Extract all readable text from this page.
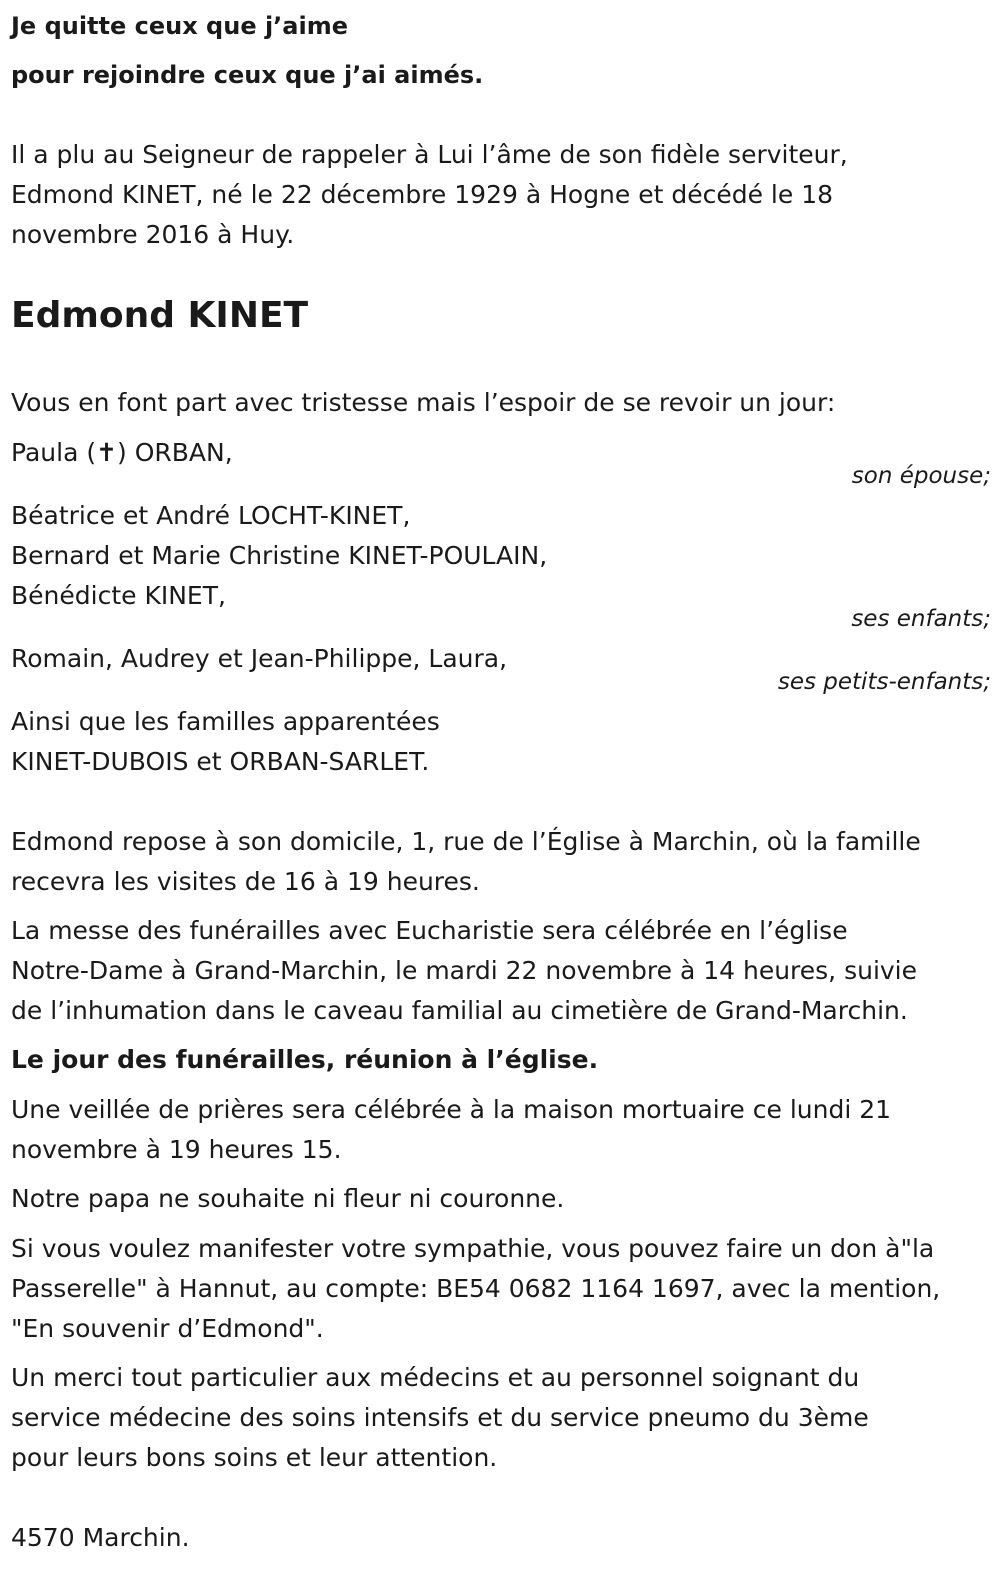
Je quitte ceux que j’aime
pour rejoindre ceux que j’ai aimés.
Il a plu au Seigneur de rappeler à Lui l’âme de son fidèle serviteur,
Edmond KINET, né le 22 décembre 1929 à Hogne et décédé le 18
novembre 2016 à Huy.
Edmond KINET
Vous en font part avec tristesse mais l’espoir de se revoir un jour:
Paula (✝) ORBAN,
son épouse;
Béatrice et André LOCHT-KINET,
Bernard et Marie Christine KINET-POULAIN,
Bénédicte KINET,
ses enfants;
Romain, Audrey et Jean-Philippe, Laura,
ses petits-enfants;
Ainsi que les familles apparentées
KINET-DUBOIS et ORBAN-SARLET.
Edmond repose à son domicile, 1, rue de l’Église à Marchin, où la famille
recevra les visites de 16 à 19 heures.
La messe des funérailles avec Eucharistie sera célébrée en l’église
Notre-Dame à Grand-Marchin, le mardi 22 novembre à 14 heures, suivie
de l’inhumation dans le caveau familial au cimetière de Grand-Marchin.
Le jour des funérailles, réunion à l’église.
Une veillée de prières sera célébrée à la maison mortuaire ce lundi 21
novembre à 19 heures 15.
Notre papa ne souhaite ni fleur ni couronne.
Si vous voulez manifester votre sympathie, vous pouvez faire un don à"la
Passerelle" à Hannut, au compte: BE54 0682 1164 1697, avec la mention,
"En souvenir d’Edmond".
Un merci tout particulier aux médecins et au personnel soignant du
service médecine des soins intensifs et du service pneumo du 3ème
pour leurs bons soins et leur attention.
4570 Marchin.
